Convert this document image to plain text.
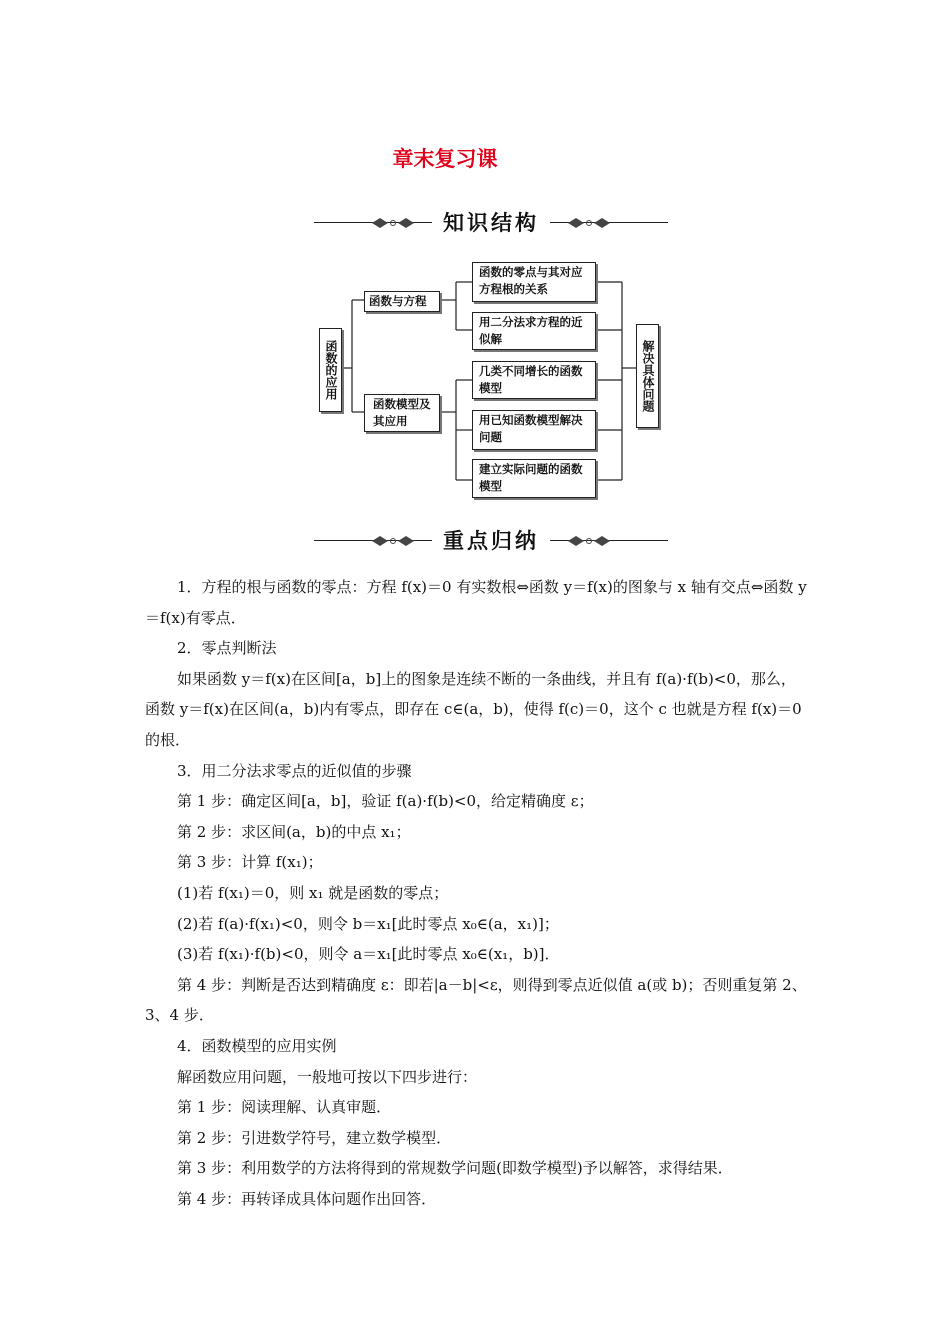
章末复习课
知识结构
函数的应用
函数与方程
函数模型及其应用
函数的零点与其对应方程根的关系
用二分法求方程的近似解
几类不同增长的函数模型
用已知函数模型解决问题
建立实际问题的函数模型
解决具体问题
重点归纳

1．方程的根与函数的零点：方程 f(x)＝0 有实数根⇔函数 y＝f(x)的图象与 x 轴有交点⇔函数 y＝f(x)有零点．

2．零点判断法

如果函数 y＝f(x)在区间[a，b]上的图象是连续不断的一条曲线，并且有 f(a)·f(b)<0，那么，函数 y＝f(x)在区间(a，b)内有零点，即存在 c∈(a，b)，使得 f(c)＝0，这个 c 也就是方程 f(x)＝0 的根．

3．用二分法求零点的近似值的步骤

第 1 步：确定区间[a，b]，验证 f(a)·f(b)<0，给定精确度 ε；

第 2 步：求区间(a，b)的中点 x₁；

第 3 步：计算 f(x₁)；

(1)若 f(x₁)＝0，则 x₁ 就是函数的零点；

(2)若 f(a)·f(x₁)<0，则令 b＝x₁[此时零点 x₀∈(a，x₁)]；

(3)若 f(x₁)·f(b)<0，则令 a＝x₁[此时零点 x₀∈(x₁，b)]．

第 4 步：判断是否达到精确度 ε：即若|a－b|<ε，则得到零点近似值 a(或 b)；否则重复第 2、3、4 步．

4．函数模型的应用实例

解函数应用问题，一般地可按以下四步进行：

第 1 步：阅读理解、认真审题．

第 2 步：引进数学符号，建立数学模型．

第 3 步：利用数学的方法将得到的常规数学问题(即数学模型)予以解答，求得结果．

第 4 步：再转译成具体问题作出回答．
